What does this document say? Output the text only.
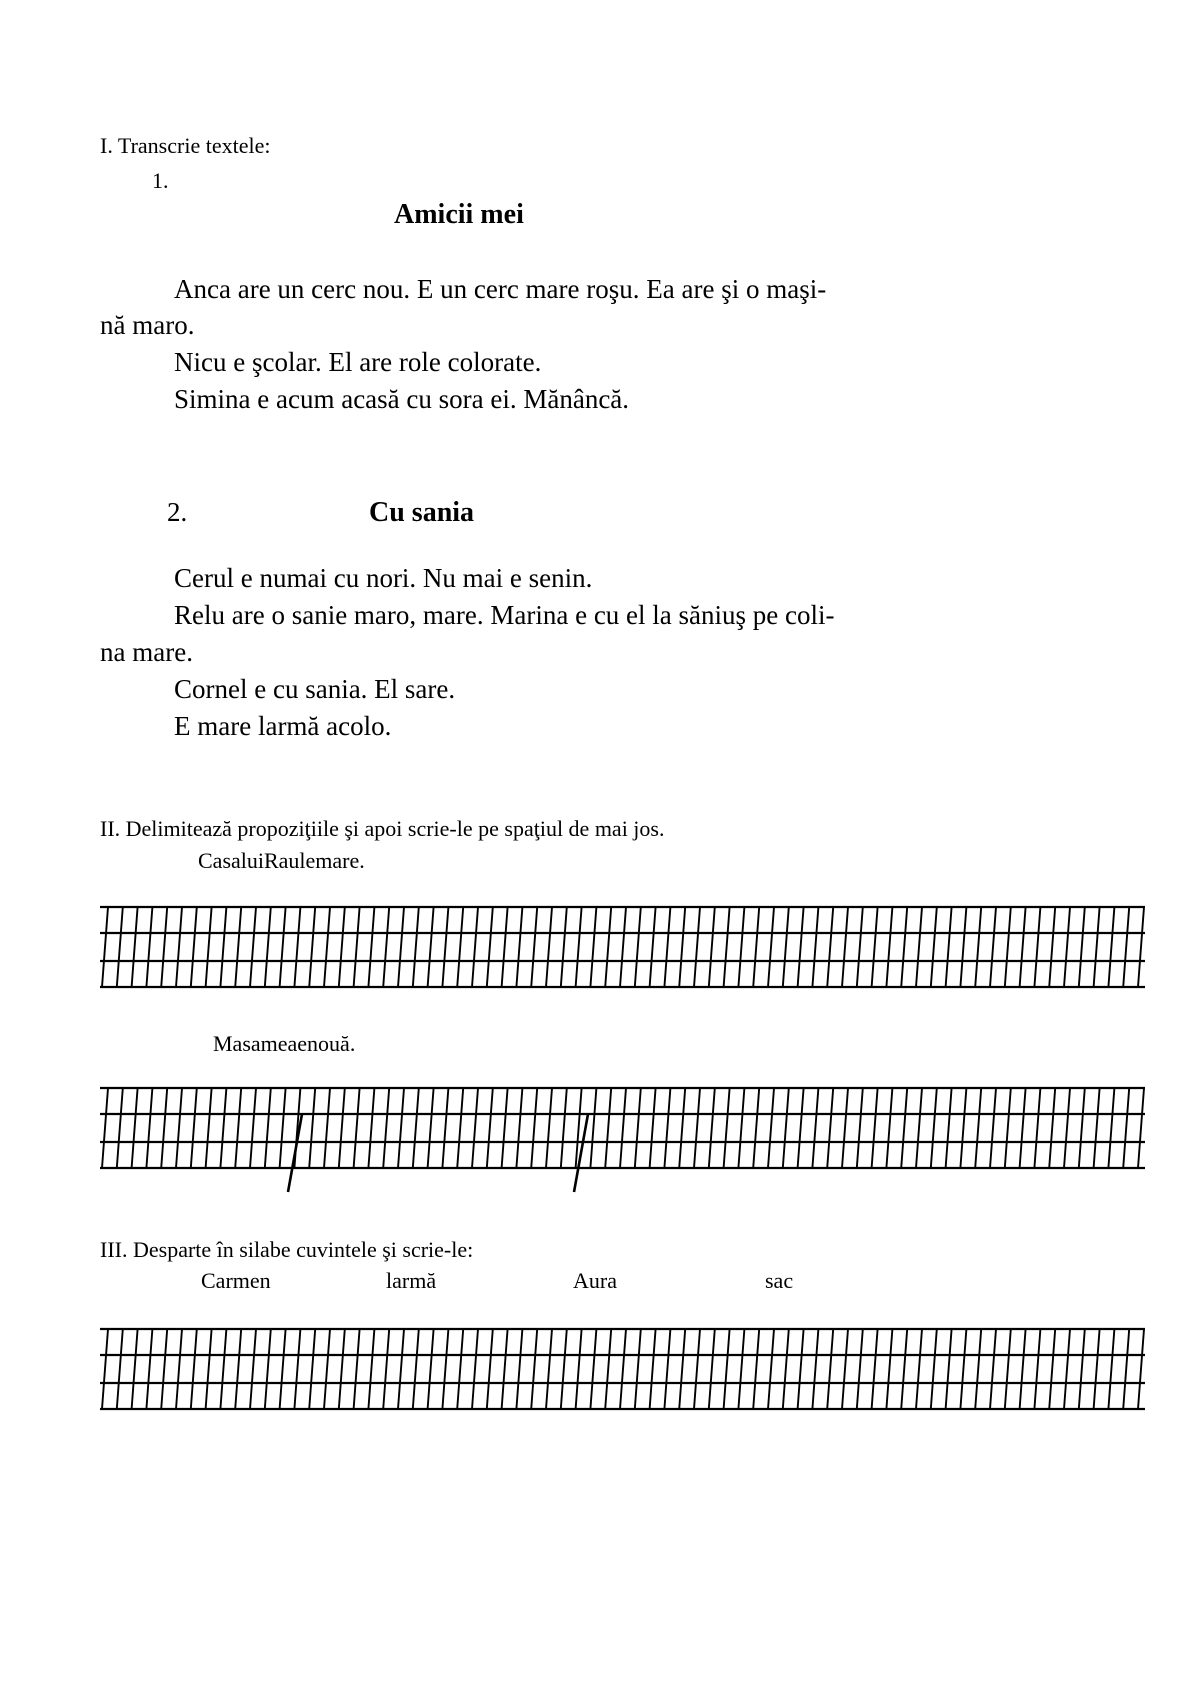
I. Transcrie textele:
1.
Amicii mei
Anca are un cerc nou. E un cerc mare roşu. Ea are şi o maşi-
nă maro.
Nicu e şcolar. El are role colorate.
Simina e acum acasă cu sora ei. Mănâncă.
2.	Cu sania
Cerul e numai cu nori. Nu mai e senin.
Relu are o sanie maro, mare. Marina e cu el la săniuş pe coli-
na mare.
Cornel e cu sania. El sare.
E mare larmă acolo.
II. Delimitează propoziţiile şi apoi scrie-le pe spaţiul de mai jos.
CasaluiRaulemare.
Masameaenouă.
III. Desparte în silabe cuvintele şi scrie-le:
Carmen	larmă	Aura	sac
